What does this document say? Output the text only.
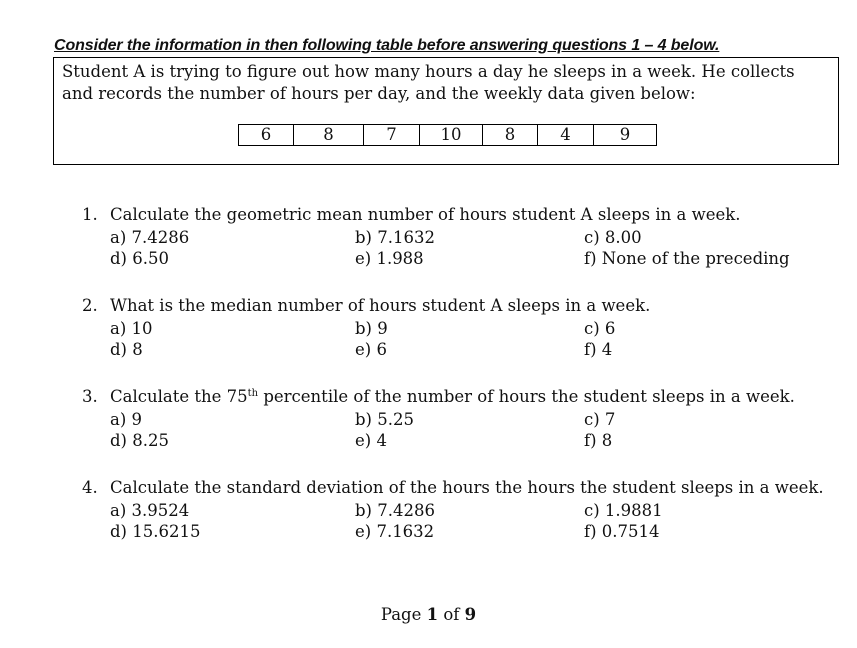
Consider the information in then following table before answering questions 1 – 4 below.
Student A is trying to figure out how many hours a day he sleeps in a week. He collects and records the number of hours per day, and the weekly data given below:
6	8	7	10	8	4	9
1. Calculate the geometric mean number of hours student A sleeps in a week.
a) 7.4286	b) 7.1632	c) 8.00
d) 6.50	e) 1.988	f) None of the preceding
2. What is the median number of hours student A sleeps in a week.
a) 10	b) 9	c) 6
d) 8	e) 6	f) 4
3. Calculate the 75th percentile of the number of hours the student sleeps in a week.
a) 9	b) 5.25	c) 7
d) 8.25	e) 4	f) 8
4. Calculate the standard deviation of the hours the hours the student sleeps in a week.
a) 3.9524	b) 7.4286	c) 1.9881
d) 15.6215	e) 7.1632	f) 0.7514
Page 1 of 9
